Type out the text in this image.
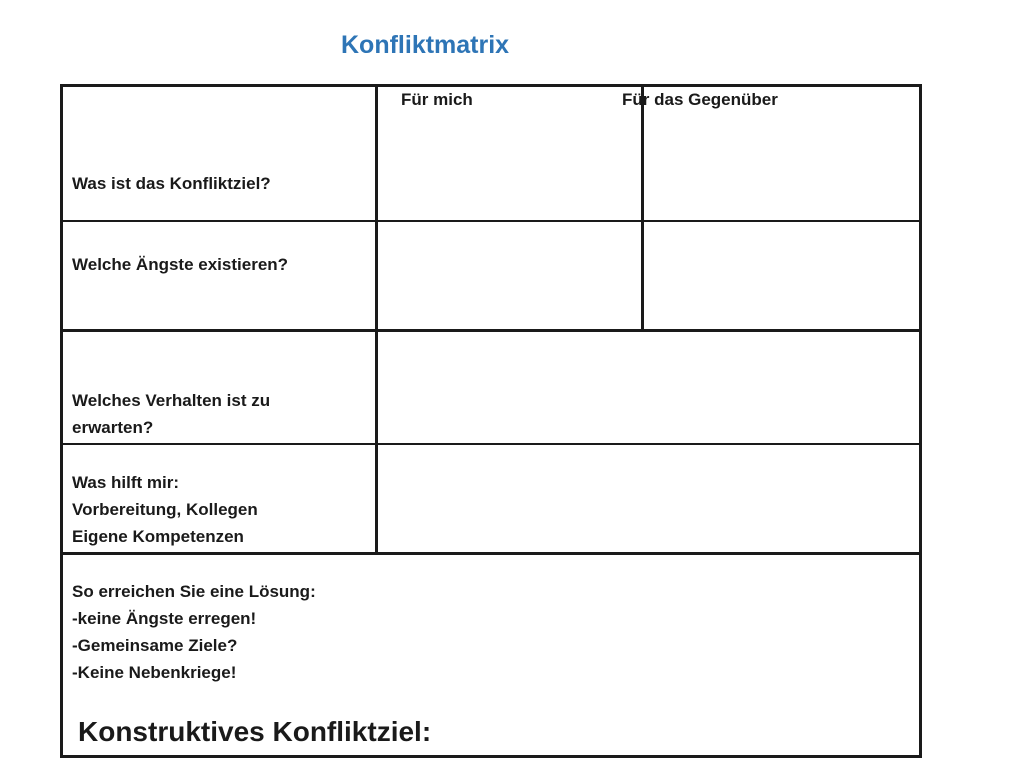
Konfliktmatrix
Für mich	Für das Gegenüber
Was ist das Konfliktziel?
Welche Ängste existieren?
Welches Verhalten ist zu
erwarten?
Was hilft mir:
Vorbereitung, Kollegen
Eigene Kompetenzen
So erreichen Sie eine Lösung:
-keine Ängste erregen!
-Gemeinsame Ziele?
-Keine Nebenkriege!
Konstruktives Konfliktziel:
